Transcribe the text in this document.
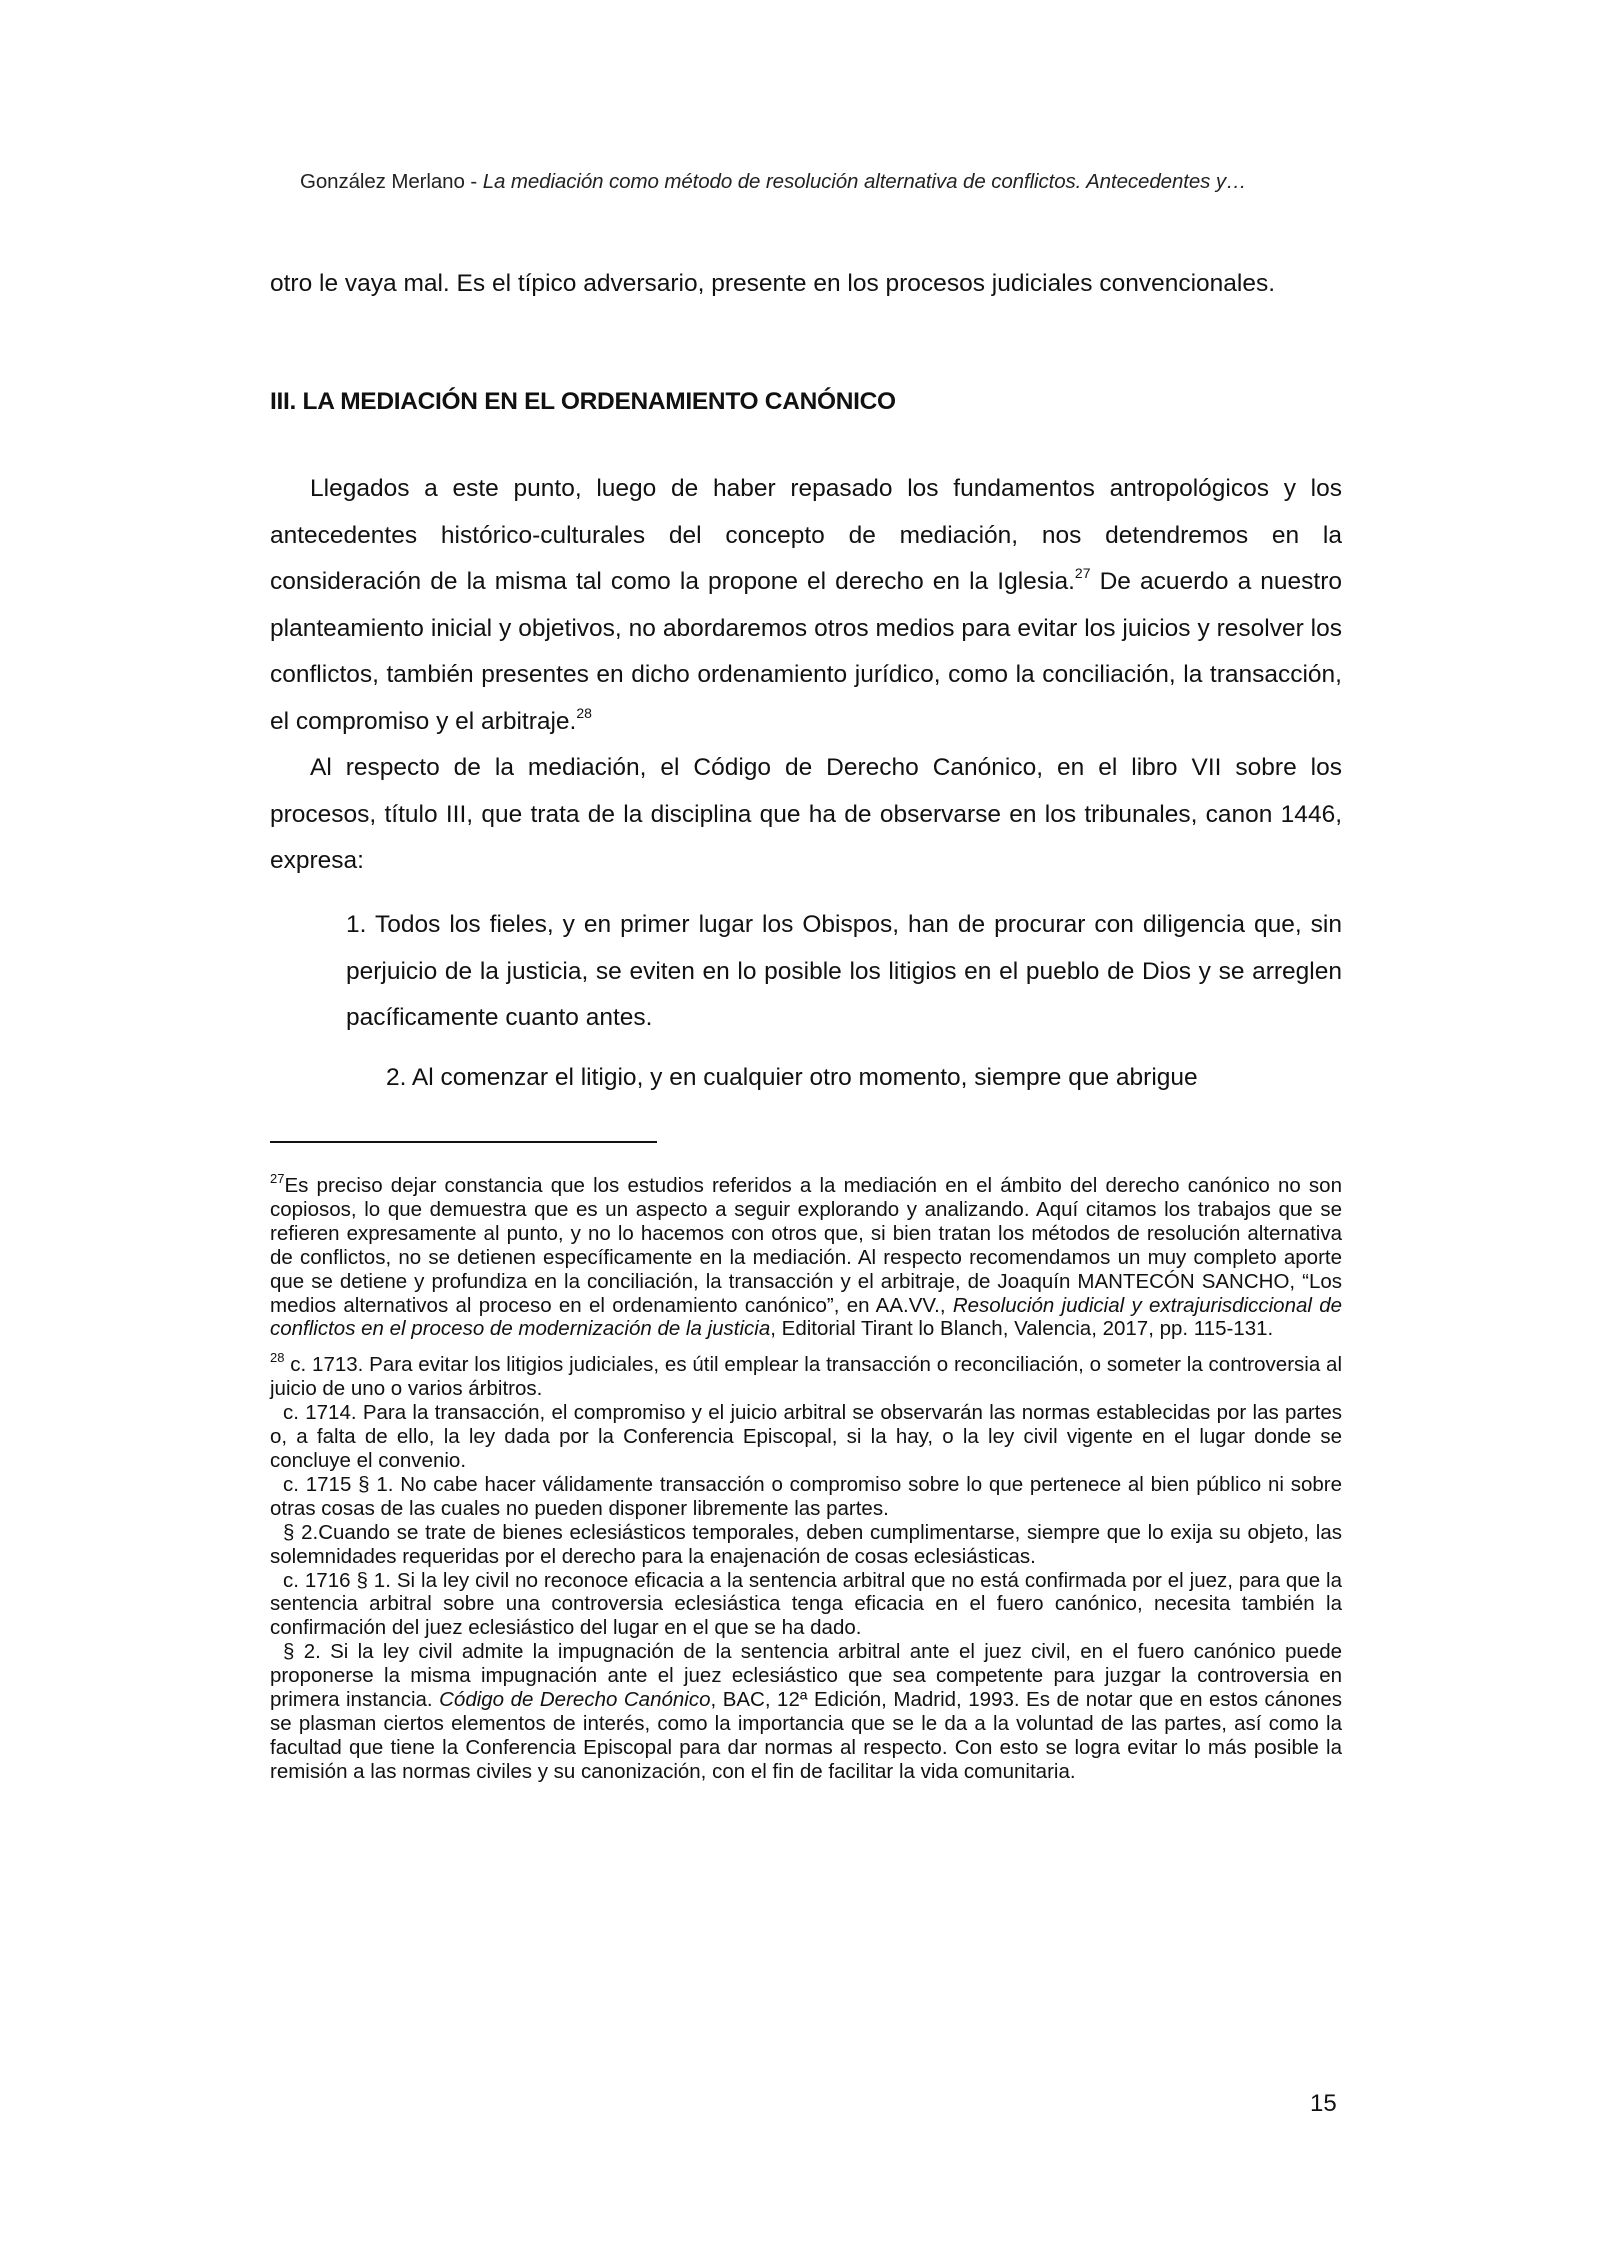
González Merlano - La mediación como método de resolución alternativa de conflictos. Antecedentes y…

otro le vaya mal. Es el típico adversario, presente en los procesos judiciales convencionales.

III. LA MEDIACIÓN EN EL ORDENAMIENTO CANÓNICO

Llegados a este punto, luego de haber repasado los fundamentos antropológicos y los antecedentes histórico-culturales del concepto de mediación, nos detendremos en la consideración de la misma tal como la propone el derecho en la Iglesia.$^{27}$ De acuerdo a nuestro planteamiento inicial y objetivos, no abordaremos otros medios para evitar los juicios y resolver los conflictos, también presentes en dicho ordenamiento jurídico, como la conciliación, la transacción, el compromiso y el arbitraje.$^{28}$

Al respecto de la mediación, el Código de Derecho Canónico, en el libro VII sobre los procesos, título III, que trata de la disciplina que ha de observarse en los tribunales, canon 1446, expresa:

1. Todos los fieles, y en primer lugar los Obispos, han de procurar con diligencia que, sin perjuicio de la justicia, se eviten en lo posible los litigios en el pueblo de Dios y se arreglen pacíficamente cuanto antes.

2. Al comenzar el litigio, y en cualquier otro momento, siempre que abrigue

$^{27}$Es preciso dejar constancia que los estudios referidos a la mediación en el ámbito del derecho canónico no son copiosos, lo que demuestra que es un aspecto a seguir explorando y analizando. Aquí citamos los trabajos que se refieren expresamente al punto, y no lo hacemos con otros que, si bien tratan los métodos de resolución alternativa de conflictos, no se detienen específicamente en la mediación. Al respecto recomendamos un muy completo aporte que se detiene y profundiza en la conciliación, la transacción y el arbitraje, de Joaquín MANTECÓN SANCHO, “Los medios alternativos al proceso en el ordenamiento canónico”, en AA.VV., Resolución judicial y extrajurisdiccional de conflictos en el proceso de modernización de la justicia, Editorial Tirant lo Blanch, Valencia, 2017, pp. 115-131.

$^{28}$ c. 1713. Para evitar los litigios judiciales, es útil emplear la transacción o reconciliación, o someter la controversia al juicio de uno o varios árbitros.

c. 1714. Para la transacción, el compromiso y el juicio arbitral se observarán las normas establecidas por las partes o, a falta de ello, la ley dada por la Conferencia Episcopal, si la hay, o la ley civil vigente en el lugar donde se concluye el convenio.

c. 1715 § 1. No cabe hacer válidamente transacción o compromiso sobre lo que pertenece al bien público ni sobre otras cosas de las cuales no pueden disponer libremente las partes.

§ 2.Cuando se trate de bienes eclesiásticos temporales, deben cumplimentarse, siempre que lo exija su objeto, las solemnidades requeridas por el derecho para la enajenación de cosas eclesiásticas.

c. 1716 § 1. Si la ley civil no reconoce eficacia a la sentencia arbitral que no está confirmada por el juez, para que la sentencia arbitral sobre una controversia eclesiástica tenga eficacia en el fuero canónico, necesita también la confirmación del juez eclesiástico del lugar en el que se ha dado.

§ 2. Si la ley civil admite la impugnación de la sentencia arbitral ante el juez civil, en el fuero canónico puede proponerse la misma impugnación ante el juez eclesiástico que sea competente para juzgar la controversia en primera instancia. Código de Derecho Canónico, BAC, 12ª Edición, Madrid, 1993. Es de notar que en estos cánones se plasman ciertos elementos de interés, como la importancia que se le da a la voluntad de las partes, así como la facultad que tiene la Conferencia Episcopal para dar normas al respecto. Con esto se logra evitar lo más posible la remisión a las normas civiles y su canonización, con el fin de facilitar la vida comunitaria.

15
